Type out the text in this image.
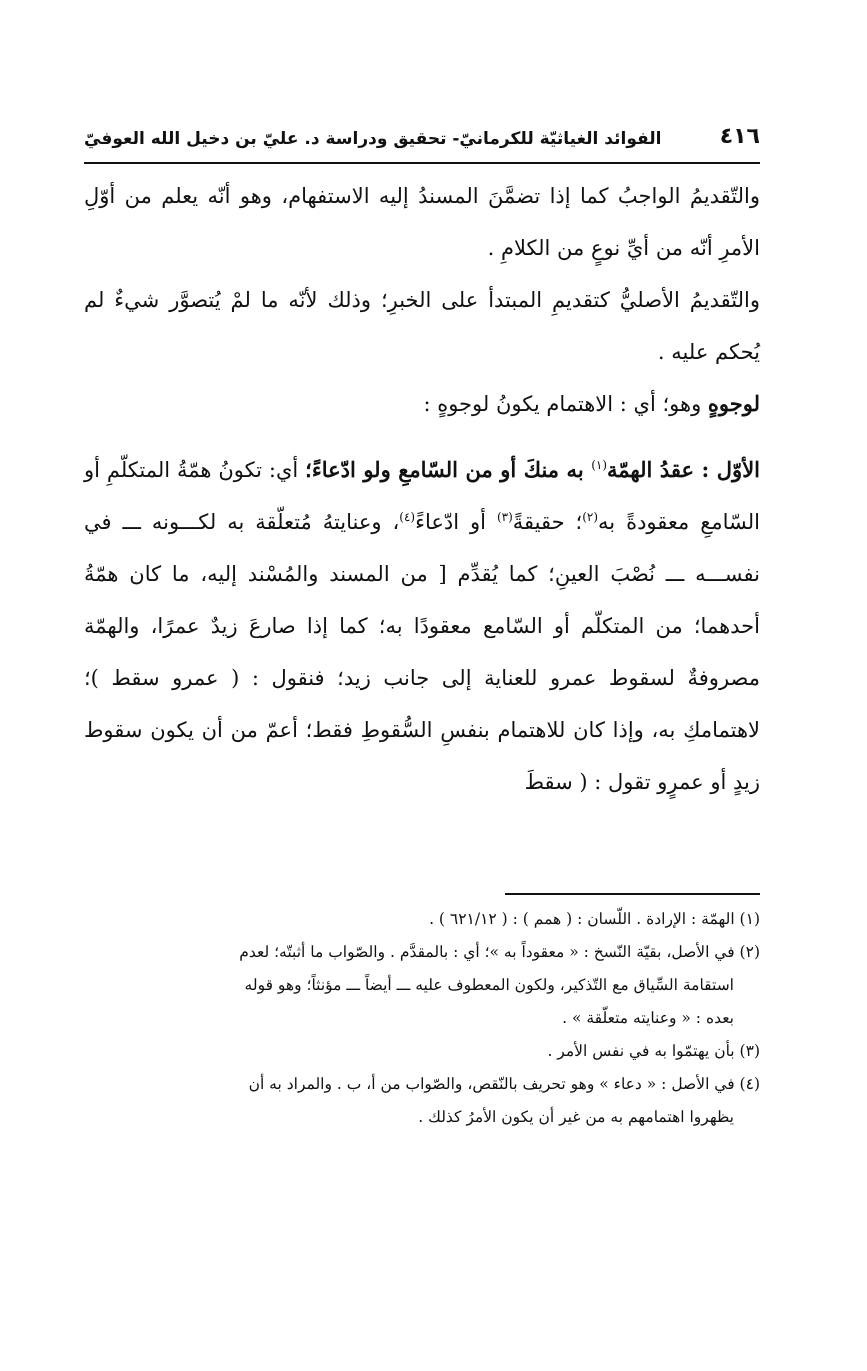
٤١٦
الفوائد الغياثيّة للكرمانيّ- تحقيق ودراسة د. عليّ بن دخيل الله العوفيّ

والتّقديمُ الواجبُ كما إذا تضمَّنَ المسندُ إليه الاستفهام، وهو أنّه يعلم من أوّلِ الأمرِ أنّه من أيِّ نوعٍ من الكلامِ .

والتّقديمُ الأصليُّ كتقديمِ المبتدأ على الخبرِ؛ وذلك لأنّه ما لمْ يُتصوَّر شيءٌ لم يُحكم عليه .

لوجوهٍ وهو؛ أي : الاهتمام يكونُ لوجوهٍ :

الأوّل : عقدُ الهمّة$^{(١)}$ به منكَ أو من السّامعِ ولو ادّعاءً؛ أي: تكونُ همّةُ المتكلّمِ أو السّامعِ معقودةً به$^{(٢)}$؛ حقيقةً$^{(٣)}$ أو ادّعاءً$^{(٤)}$، وعنايتهُ مُتعلّقة به لكـــونه ـــ في نفســـه ـــ نُصْبَ العينِ؛ كما يُقدِّم [ من المسند والمُسْند إليه، ما كان همّةُ أحدهما؛ من المتكلّم أو السّامع معقودًا به؛ كما إذا صارعَ زيدٌ عمرًا، والهمّة مصروفةٌ لسقوط عمرو للعناية إلى جانب زيد؛ فنقول : ( عمرو سقط )؛ لاهتمامكِ به، وإذا كان للاهتمام بنفسِ السُّقوطِ فقط؛ أعمّ من أن يكون سقوط زيدٍ أو عمرٍو تقول : ( سقطَ

(١) الهمّة : الإرادة . اللّسان : ( همم ) : ( ٦٢١/١٢ ) .

(٢) في الأصل، بقيّة النّسخ : « معقوداً به »؛ أي : بالمقدَّم . والصّواب ما أثبتّه؛ لعدم

استقامة السِّياق مع التّذكير، ولكون المعطوف عليه ـــ أيضاً ـــ مؤنثاً؛ وهو قوله

بعده : « وعنايته متعلّقة » .

(٣) بأن يهتمّوا به في نفس الأمر .

(٤) في الأصل : « دعاء » وهو تحريف بالنّقص، والصّواب من أ، ب . والمراد به أن

يظهروا اهتمامهم به من غير أن يكون الأمرُ كذلك .
